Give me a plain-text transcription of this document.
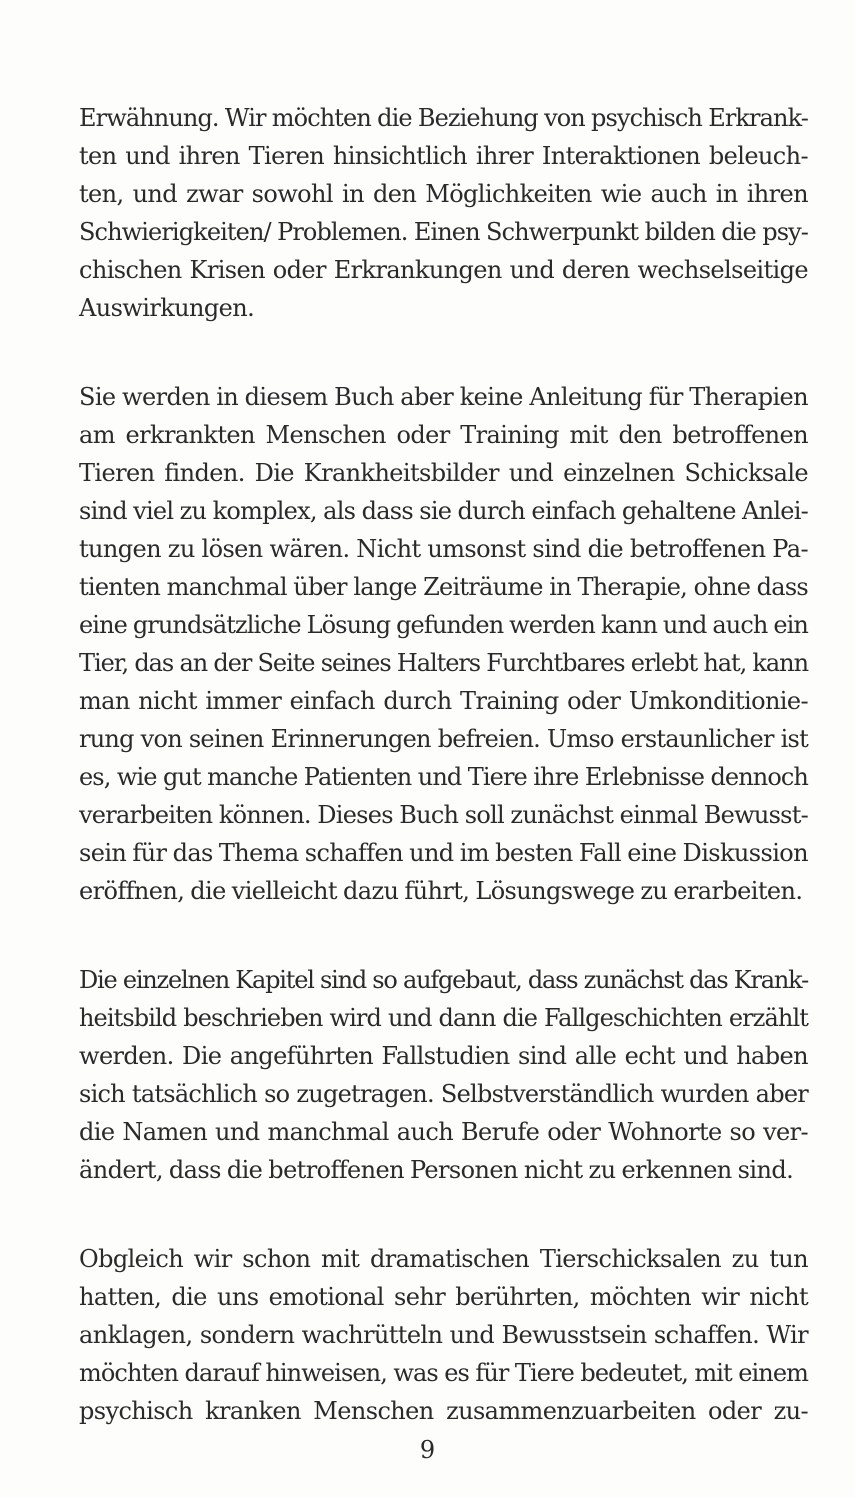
Erwähnung. Wir möchten die Beziehung von psychisch Erkrank-
ten und ihren Tieren hinsichtlich ihrer Interaktionen beleuch-
ten, und zwar sowohl in den Möglichkeiten wie auch in ihren
Schwierigkeiten/ Problemen. Einen Schwerpunkt bilden die psy-
chischen Krisen oder Erkrankungen und deren wechselseitige
Auswirkungen.

Sie werden in diesem Buch aber keine Anleitung für Therapien
am erkrankten Menschen oder Training mit den betroffenen
Tieren finden. Die Krankheitsbilder und einzelnen Schicksale
sind viel zu komplex, als dass sie durch einfach gehaltene Anlei-
tungen zu lösen wären. Nicht umsonst sind die betroffenen Pa-
tienten manchmal über lange Zeiträume in Therapie, ohne dass
eine grundsätzliche Lösung gefunden werden kann und auch ein
Tier, das an der Seite seines Halters Furchtbares erlebt hat, kann
man nicht immer einfach durch Training oder Umkonditionie-
rung von seinen Erinnerungen befreien. Umso erstaunlicher ist
es, wie gut manche Patienten und Tiere ihre Erlebnisse dennoch
verarbeiten können. Dieses Buch soll zunächst einmal Bewusst-
sein für das Thema schaffen und im besten Fall eine Diskussion
eröffnen, die vielleicht dazu führt, Lösungswege zu erarbeiten.

Die einzelnen Kapitel sind so aufgebaut, dass zunächst das Krank-
heitsbild beschrieben wird und dann die Fallgeschichten erzählt
werden. Die angeführten Fallstudien sind alle echt und haben
sich tatsächlich so zugetragen. Selbstverständlich wurden aber
die Namen und manchmal auch Berufe oder Wohnorte so ver-
ändert, dass die betroffenen Personen nicht zu erkennen sind.

Obgleich wir schon mit dramatischen Tierschicksalen zu tun
hatten, die uns emotional sehr berührten, möchten wir nicht
anklagen, sondern wachrütteln und Bewusstsein schaffen. Wir
möchten darauf hinweisen, was es für Tiere bedeutet, mit einem
psychisch kranken Menschen zusammenzuarbeiten oder zu-

9
